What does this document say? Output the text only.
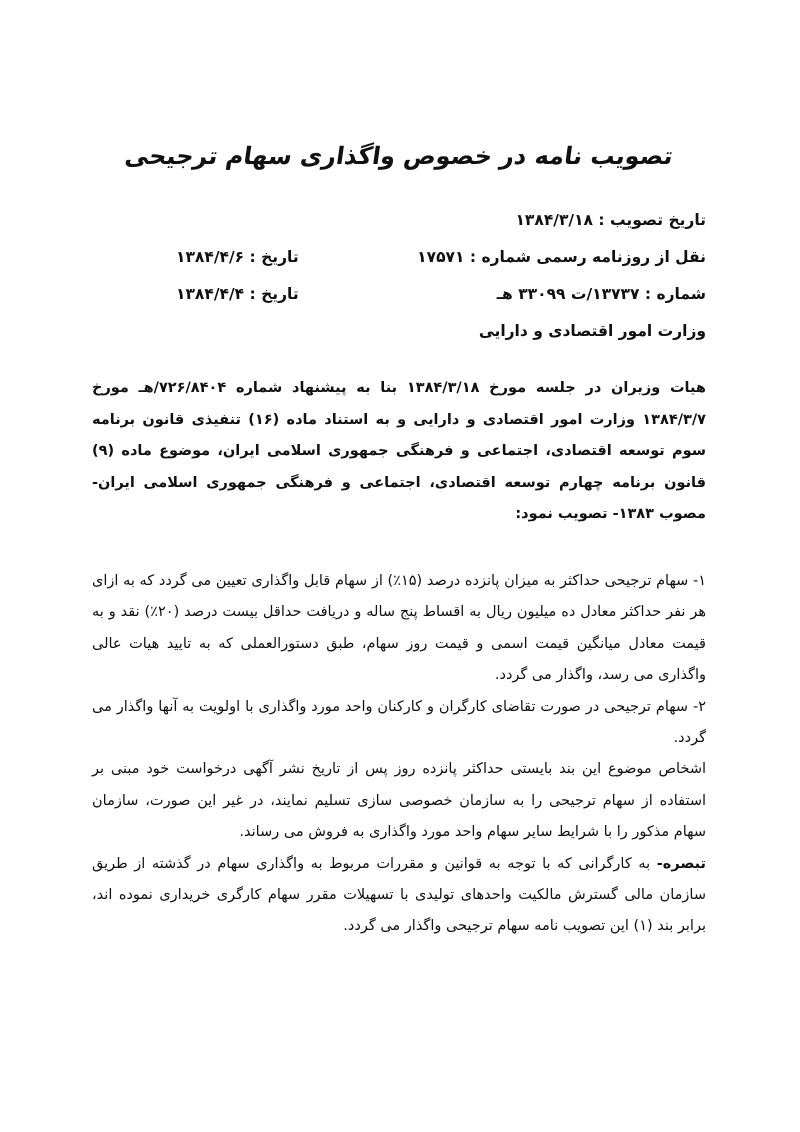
تصویب نامه در خصوص واگذاری سهام ترجیحی
تاریخ تصویب : ۱۳۸۴/۳/۱۸
نقل از روزنامه رسمی شماره : ۱۷۵۷۱
تاریخ : ۱۳۸۴/۴/۶
شماره : ۱۳۷۳۷/ت ۳۳۰۹۹ هـ
تاریخ : ۱۳۸۴/۴/۴
وزارت امور اقتصادی و دارایی

هیات وزیران در جلسه مورخ ۱۳۸۴/۳/۱۸ بنا به پیشنهاد شماره ۷۲۶/۸۴۰۴/هـ مورخ ۱۳۸۴/۳/۷ وزارت امور اقتصادی و دارایی و به استناد ماده (۱۶) تنفیذی قانون برنامه سوم توسعه اقتصادی، اجتماعی و فرهنگی جمهوری اسلامی ایران، موضوع ماده (۹) قانون برنامه چهارم توسعه اقتصادی، اجتماعی و فرهنگی جمهوری اسلامی ایران- مصوب ۱۳۸۳- تصویب نمود:

۱- سهام ترجیحی حداکثر به میزان پانزده درصد (۱۵٪) از سهام قابل واگذاری تعیین می گردد که به ازای هر نفر حداکثر معادل ده میلیون ریال به اقساط پنج ساله و دریافت حداقل بیست درصد (۲۰٪) نقد و به قیمت معادل میانگین قیمت اسمی و قیمت روز سهام، طبق دستورالعملی که به تایید هیات عالی واگذاری می رسد، واگذار می گردد.

۲- سهام ترجیحی در صورت تقاضای کارگران و کارکنان واحد مورد واگذاری با اولویت به آنها واگذار می گردد.

اشخاص موضوع این بند بایستی حداکثر پانزده روز پس از تاریخ نشر آگهی درخواست خود مبنی بر استفاده از سهام ترجیحی را به سازمان خصوصی سازی تسلیم نمایند، در غیر این صورت، سازمان سهام مذکور را با شرایط سایر سهام واحد مورد واگذاری به فروش می رساند.

تبصره- به کارگرانی که با توجه به قوانین و مقررات مربوط به واگذاری سهام در گذشته از طریق سازمان مالی گسترش مالکیت واحدهای تولیدی با تسهیلات مقرر سهام کارگری خریداری نموده اند، برابر بند (۱) این تصویب نامه سهام ترجیحی واگذار می گردد.
